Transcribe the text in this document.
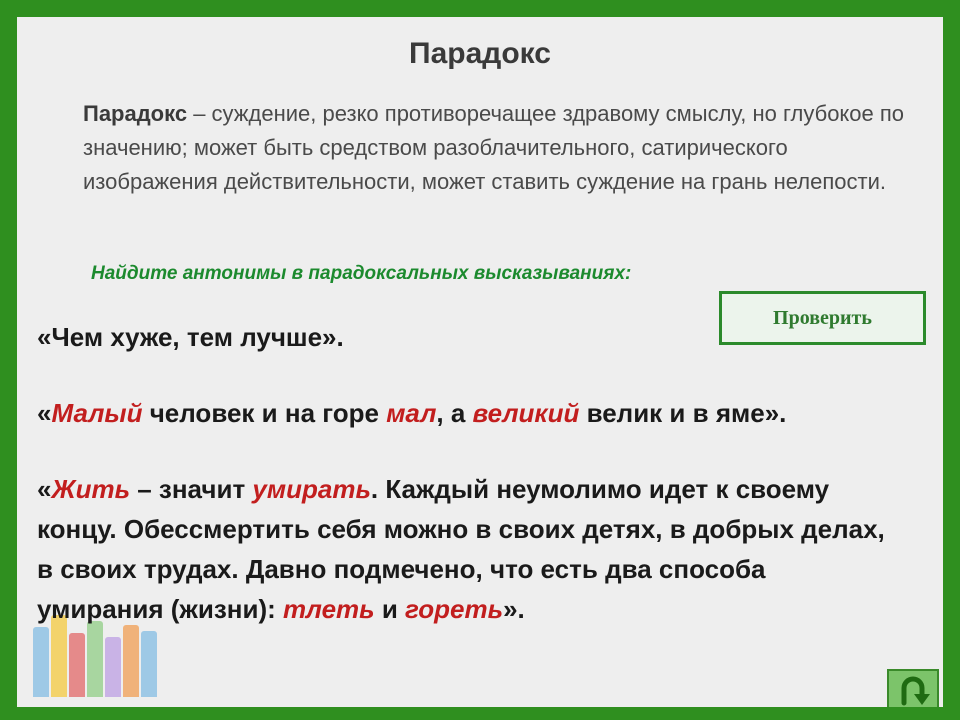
Парадокс
Парадокс – суждение, резко противоречащее здравому смыслу, но глубокое по значению; может быть средством разоблачительного, сатирического изображения действительности, может ставить суждение на грань нелепости.
Найдите антонимы в парадоксальных высказываниях:
Проверить
«Чем хуже, тем лучше».
«Малый человек и на горе мал, а великий велик и в яме».
«Жить – значит умирать. Каждый неумолимо идет к своему концу. Обессмертить себя можно в своих детях, в добрых делах, в своих трудах. Давно подмечено, что есть два способа умирания (жизни): тлеть и гореть».
